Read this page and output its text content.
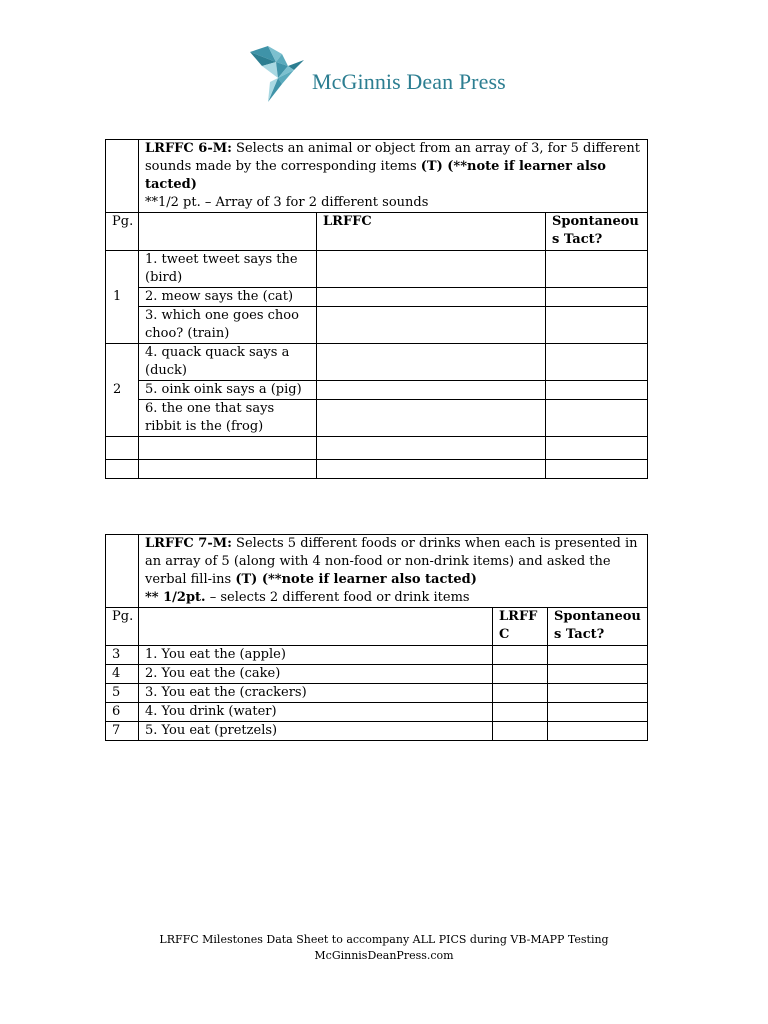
McGinnis Dean Press
	LRFFC 6-M: Selects an animal or object from an array of 3, for 5 different sounds made by the corresponding items (T) (**note if learner also tacted)
**1/2 pt. – Array of 3 for 2 different sounds		
Pg.		LRFFC	Spontaneous Tact?
1	1. tweet tweet says the (bird)		
	2. meow says the (cat)		
	3. which one goes choo choo? (train)		
2	4. quack quack says a (duck)		
	5. oink oink says a (pig)		
	6. the one that says ribbit is the (frog)		

	LRFFC 7-M: Selects 5 different foods or drinks when each is presented in an array of 5 (along with 4 non-food or non-drink items) and asked the verbal fill-ins (T) (**note if learner also tacted)
** 1/2pt. – selects 2 different food or drink items		
Pg.		LRFFC	Spontaneous Tact?
3	1. You eat the (apple)		
4	2. You eat the (cake)		
5	3. You eat the (crackers)		
6	4. You drink (water)		
7	5. You eat (pretzels)		
LRFFC Milestones Data Sheet to accompany ALL PICS during VB-MAPP Testing
McGinnisDeanPress.com
